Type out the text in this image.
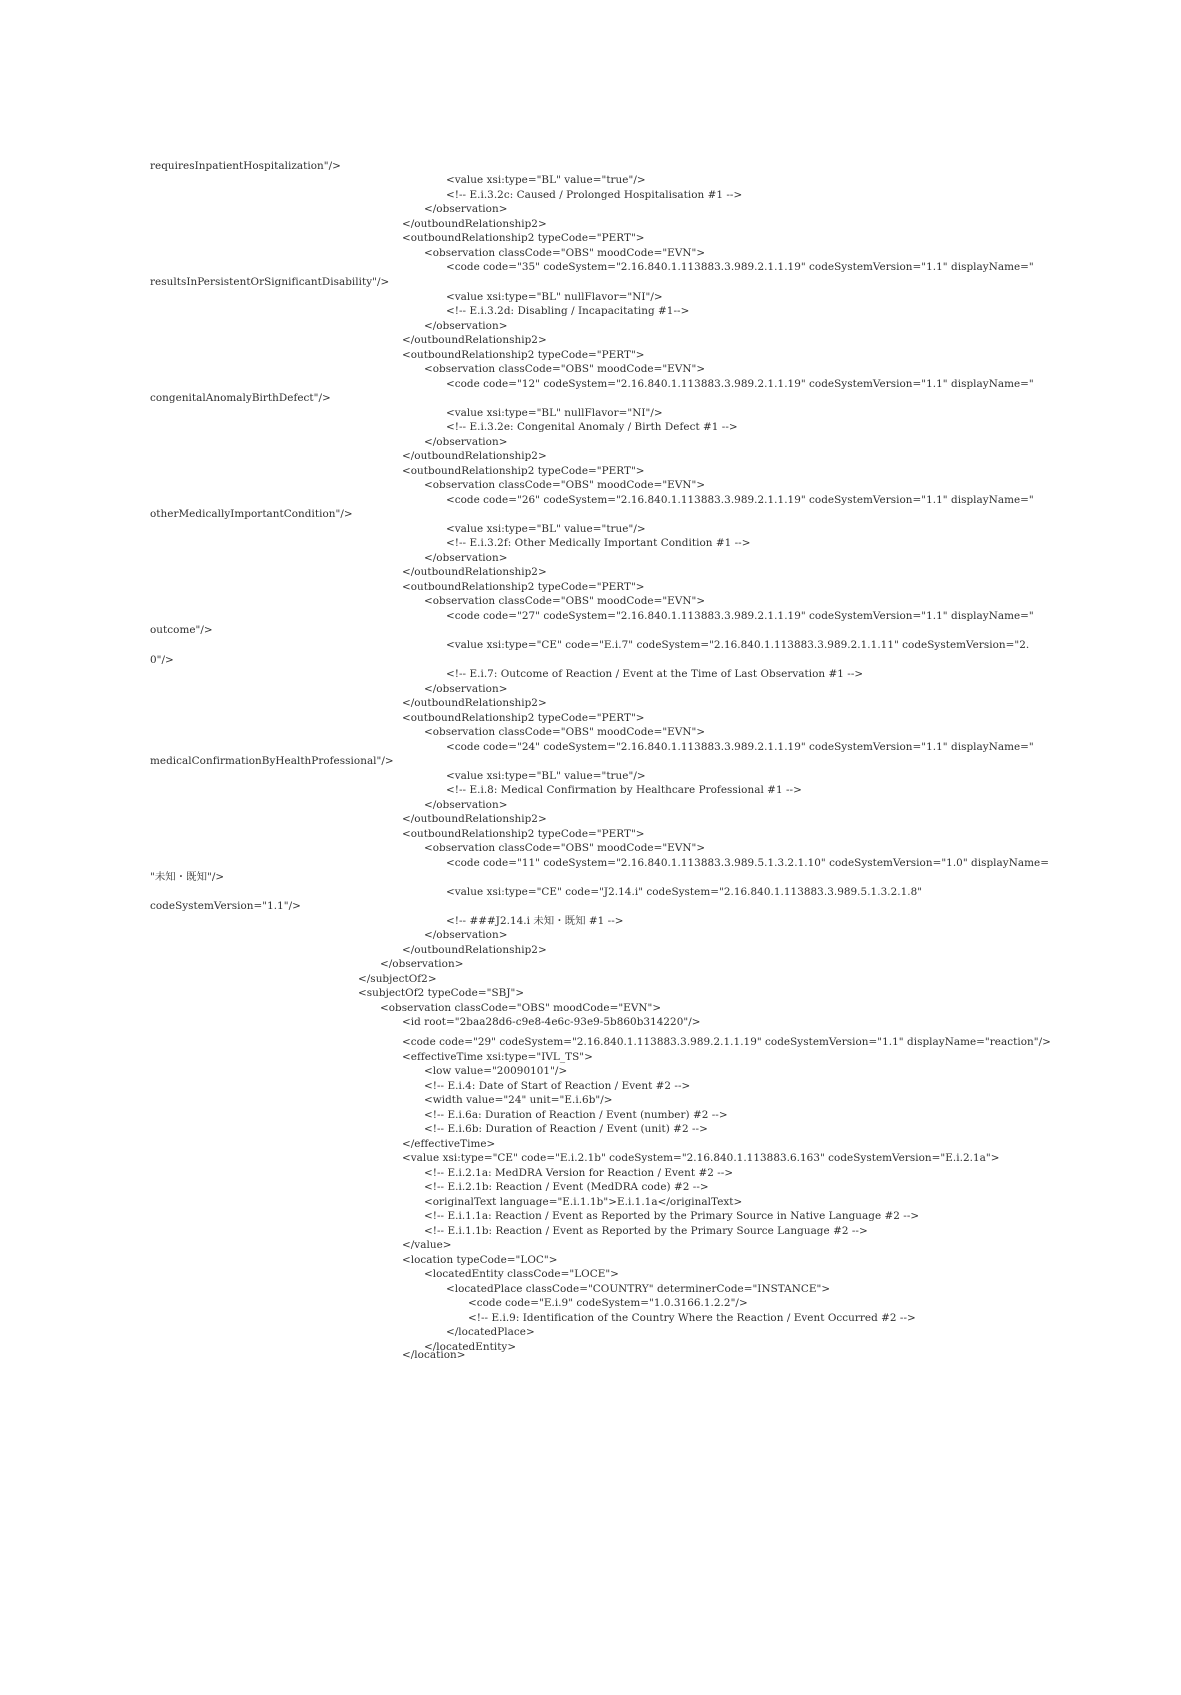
requiresInpatientHospitalization"/>
<value xsi:type="BL" value="true"/>
<!-- E.i.3.2c: Caused / Prolonged Hospitalisation #1 -->
</observation>
</outboundRelationship2>
<outboundRelationship2 typeCode="PERT">
<observation classCode="OBS" moodCode="EVN">
<code code="35" codeSystem="2.16.840.1.113883.3.989.2.1.1.19" codeSystemVersion="1.1" displayName="
resultsInPersistentOrSignificantDisability"/>
<value xsi:type="BL" nullFlavor="NI"/>
<!-- E.i.3.2d: Disabling / Incapacitating #1-->
</observation>
</outboundRelationship2>
<outboundRelationship2 typeCode="PERT">
<observation classCode="OBS" moodCode="EVN">
<code code="12" codeSystem="2.16.840.1.113883.3.989.2.1.1.19" codeSystemVersion="1.1" displayName="
congenitalAnomalyBirthDefect"/>
<value xsi:type="BL" nullFlavor="NI"/>
<!-- E.i.3.2e: Congenital Anomaly / Birth Defect #1 -->
</observation>
</outboundRelationship2>
<outboundRelationship2 typeCode="PERT">
<observation classCode="OBS" moodCode="EVN">
<code code="26" codeSystem="2.16.840.1.113883.3.989.2.1.1.19" codeSystemVersion="1.1" displayName="
otherMedicallyImportantCondition"/>
<value xsi:type="BL" value="true"/>
<!-- E.i.3.2f: Other Medically Important Condition #1 -->
</observation>
</outboundRelationship2>
<outboundRelationship2 typeCode="PERT">
<observation classCode="OBS" moodCode="EVN">
<code code="27" codeSystem="2.16.840.1.113883.3.989.2.1.1.19" codeSystemVersion="1.1" displayName="
outcome"/>
<value xsi:type="CE" code="E.i.7" codeSystem="2.16.840.1.113883.3.989.2.1.1.11" codeSystemVersion="2.
0"/>
<!-- E.i.7: Outcome of Reaction / Event at the Time of Last Observation #1 -->
</observation>
</outboundRelationship2>
<outboundRelationship2 typeCode="PERT">
<observation classCode="OBS" moodCode="EVN">
<code code="24" codeSystem="2.16.840.1.113883.3.989.2.1.1.19" codeSystemVersion="1.1" displayName="
medicalConfirmationByHealthProfessional"/>
<value xsi:type="BL" value="true"/>
<!-- E.i.8: Medical Confirmation by Healthcare Professional #1 -->
</observation>
</outboundRelationship2>
<outboundRelationship2 typeCode="PERT">
<observation classCode="OBS" moodCode="EVN">
<code code="11" codeSystem="2.16.840.1.113883.3.989.5.1.3.2.1.10" codeSystemVersion="1.0" displayName=
"未知・既知"/>
<value xsi:type="CE" code="J2.14.i" codeSystem="2.16.840.1.113883.3.989.5.1.3.2.1.8"
codeSystemVersion="1.1"/>
<!-- ###J2.14.i 未知・既知 #1 -->
</observation>
</outboundRelationship2>
</observation>
</subjectOf2>
<subjectOf2 typeCode="SBJ">
<observation classCode="OBS" moodCode="EVN">
<id root="2baa28d6-c9e8-4e6c-93e9-5b860b314220"/>
<code code="29" codeSystem="2.16.840.1.113883.3.989.2.1.1.19" codeSystemVersion="1.1" displayName="reaction"/>
<effectiveTime xsi:type="IVL_TS">
<low value="20090101"/>
<!-- E.i.4: Date of Start of Reaction / Event #2 -->
<width value="24" unit="E.i.6b"/>
<!-- E.i.6a: Duration of Reaction / Event (number) #2 -->
<!-- E.i.6b: Duration of Reaction / Event (unit) #2 -->
</effectiveTime>
<value xsi:type="CE" code="E.i.2.1b" codeSystem="2.16.840.1.113883.6.163" codeSystemVersion="E.i.2.1a">
<!-- E.i.2.1a: MedDRA Version for Reaction / Event #2 -->
<!-- E.i.2.1b: Reaction / Event (MedDRA code) #2 -->
<originalText language="E.i.1.1b">E.i.1.1a</originalText>
<!-- E.i.1.1a: Reaction / Event as Reported by the Primary Source in Native Language #2 -->
<!-- E.i.1.1b: Reaction / Event as Reported by the Primary Source Language #2 -->
</value>
<location typeCode="LOC">
<locatedEntity classCode="LOCE">
<locatedPlace classCode="COUNTRY" determinerCode="INSTANCE">
<code code="E.i.9" codeSystem="1.0.3166.1.2.2"/>
<!-- E.i.9: Identification of the Country Where the Reaction / Event Occurred #2 -->
</locatedPlace>
</locatedEntity>
</location>
